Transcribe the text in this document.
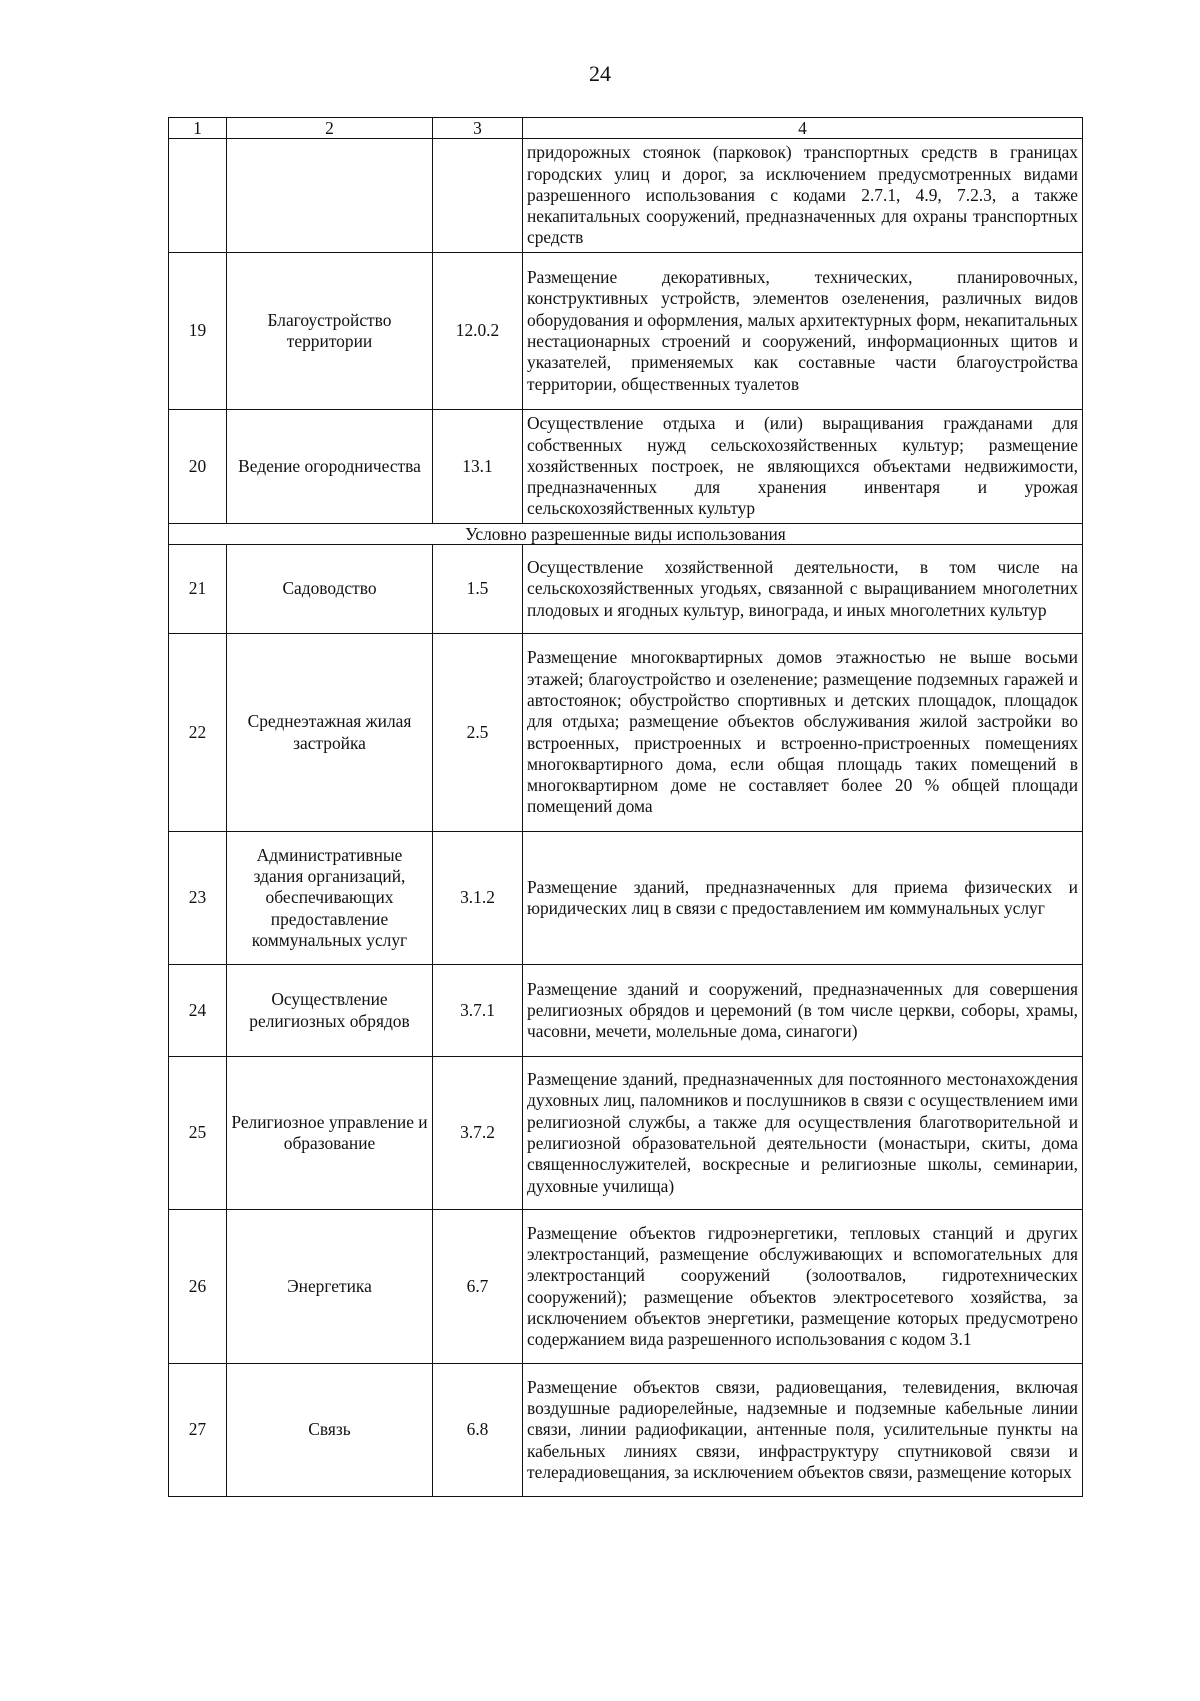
24
1	2	3	4
			придорожных стоянок (парковок) транспортных средств в границах городских улиц и дорог, за исключением предусмотренных видами разрешенного использования с кодами 2.7.1, 4.9, 7.2.3, а также некапитальных сооружений, предназначенных для охраны транспортных средств
19	Благоустройство территории	12.0.2	Размещение декоративных, технических, планировочных, конструктивных устройств, элементов озеленения, различных видов оборудования и оформления, малых архитектурных форм, некапитальных нестационарных строений и сооружений, информационных щитов и указателей, применяемых как составные части благоустройства территории, общественных туалетов
20	Ведение огородничества	13.1	Осуществление отдыха и (или) выращивания гражданами для собственных нужд сельскохозяйственных культур; размещение хозяйственных построек, не являющихся объектами недвижимости, предназначенных для хранения инвентаря и урожая сельскохозяйственных культур
Условно разрешенные виды использования			
21	Садоводство	1.5	Осуществление хозяйственной деятельности, в том числе на сельскохозяйственных угодьях, связанной с выращиванием многолетних плодовых и ягодных культур, винограда, и иных многолетних культур
22	Среднеэтажная жилая застройка	2.5	Размещение многоквартирных домов этажностью не выше восьми этажей; благоустройство и озеленение; размещение подземных гаражей и автостоянок; обустройство спортивных и детских площадок, площадок для отдыха; размещение объектов обслуживания жилой застройки во встроенных, пристроенных и встроенно-пристроенных помещениях многоквартирного дома, если общая площадь таких помещений в многоквартирном доме не составляет более 20 % общей площади помещений дома
23	Административные здания организаций, обеспечивающих предоставление коммунальных услуг	3.1.2	Размещение зданий, предназначенных для приема физических и юридических лиц в связи с предоставлением им коммунальных услуг
24	Осуществление религиозных обрядов	3.7.1	Размещение зданий и сооружений, предназначенных для совершения религиозных обрядов и церемоний (в том числе церкви, соборы, храмы, часовни, мечети, молельные дома, синагоги)
25	Религиозное управление и образование	3.7.2	Размещение зданий, предназначенных для постоянного местонахождения духовных лиц, паломников и послушников в связи с осуществлением ими религиозной службы, а также для осуществления благотворительной и религиозной образовательной деятельности (монастыри, скиты, дома священнослужителей, воскресные и религиозные школы, семинарии, духовные училища)
26	Энергетика	6.7	Размещение объектов гидроэнергетики, тепловых станций и других электростанций, размещение обслуживающих и вспомогательных для электростанций сооружений (золоотвалов, гидротехнических сооружений); размещение объектов электросетевого хозяйства, за исключением объектов энергетики, размещение которых предусмотрено содержанием вида разрешенного использования с кодом 3.1
27	Связь	6.8	Размещение объектов связи, радиовещания, телевидения, включая воздушные радиорелейные, надземные и подземные кабельные линии связи, линии радиофикации, антенные поля, усилительные пункты на кабельных линиях связи, инфраструктуру спутниковой связи и телерадиовещания, за исключением объектов связи, размещение которых
